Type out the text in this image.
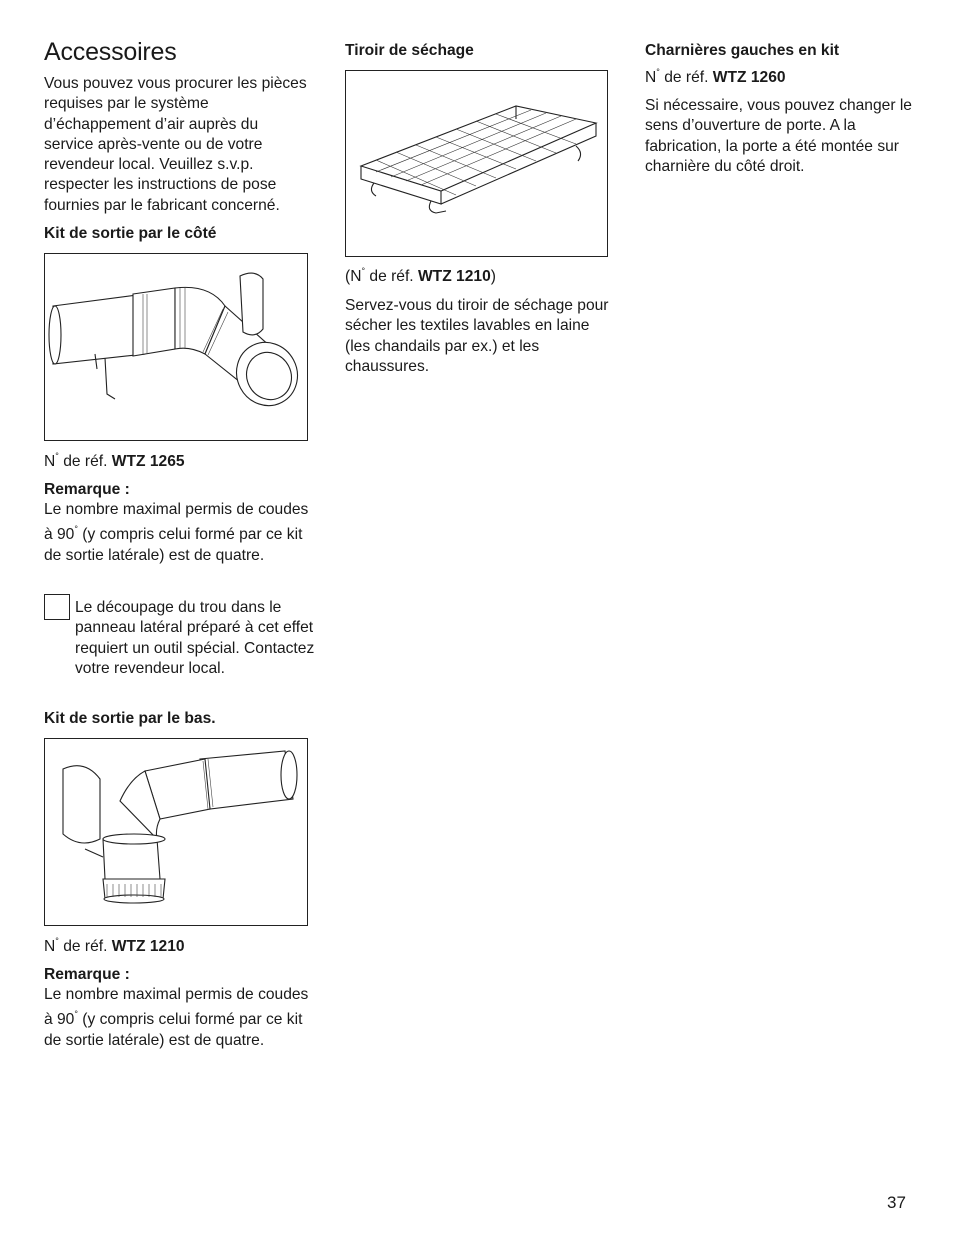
Accessoires

Vous pouvez vous procurer les pièces requises par le système d’échappement d’air auprès du service après-vente ou de votre revendeur local. Veuillez s.v.p. respecter les instructions de pose fournies par le fabricant concerné.

Kit de sortie par le côté

N° de réf. WTZ 1265

Remarque :

Le nombre maximal permis de coudes à 90° (y compris celui formé par ce kit de sortie latérale) est de quatre.

Le découpage du trou dans le panneau latéral préparé à cet effet requiert un outil spécial. Contactez votre revendeur local.

Kit de sortie par le bas.

N° de réf. WTZ 1210

Remarque :

Le nombre maximal permis de coudes à 90° (y compris celui formé par ce kit de sortie latérale) est de quatre.

Tiroir de séchage

(N° de réf. WTZ 1210)

Servez-vous du tiroir de séchage pour sécher les textiles lavables en laine (les chandails par ex.) et les chaussures.

Charnières gauches en kit

N° de réf. WTZ 1260

Si nécessaire, vous pouvez changer le sens d’ouverture de porte. A la fabrication, la porte a été montée sur charnière du côté droit.

37
